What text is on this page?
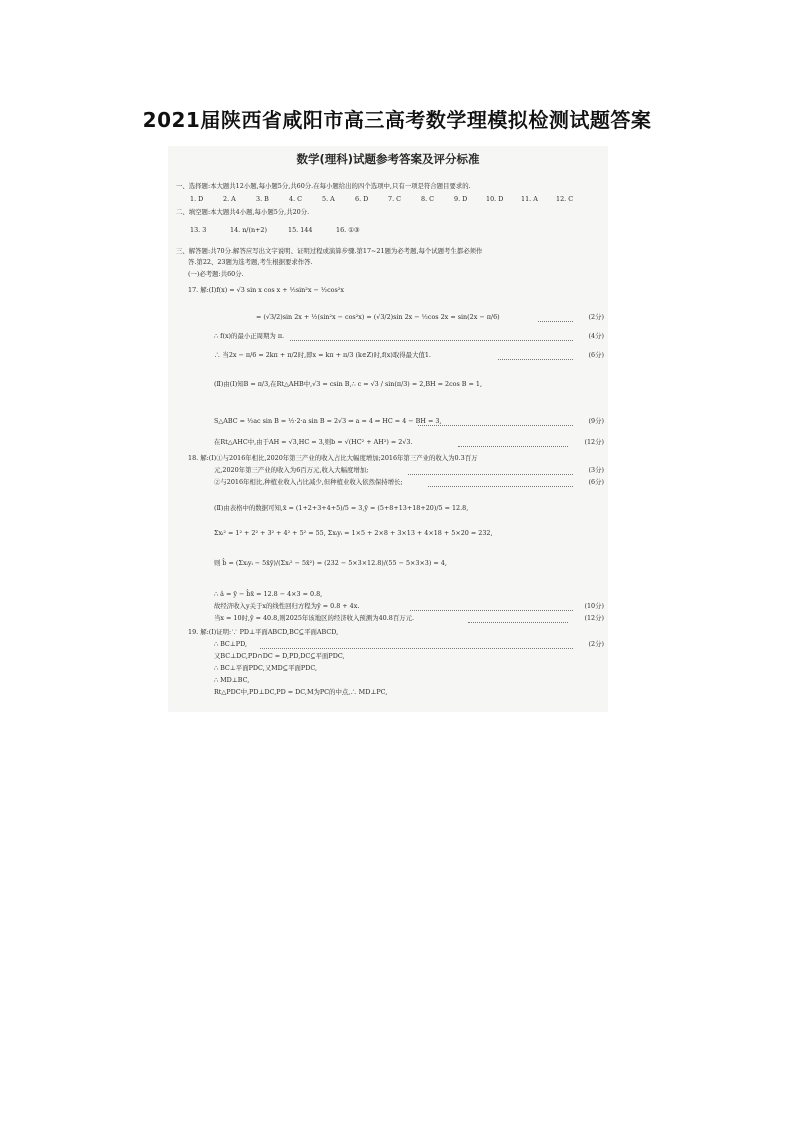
2021届陕西省咸阳市高三高考数学理模拟检测试题答案
数学(理科)试题参考答案及评分标准
一、选择题:本大题共12小题,每小题5分,共60分.在每小题给出的四个选项中,只有一项是符合题目要求的.
1. D	2. A	3. B	4. C	5. A	6. D	7. C	8. C	9. D	10. D	11. A	12. C
二、填空题:本大题共4小题,每小题5分,共20分.
13. 3	14. n/(n+2)	15. 144	16. ①③
三、解答题:共70分.解答应写出文字说明、证明过程或演算步骤.第17~21题为必考题,每个试题考生都必须作
答.第22、23题为选考题,考生根据要求作答.
(一)必考题:共60分.
17. 解:(Ⅰ)f(x) = √3 sin x cos x + ½sin²x − ½cos²x
= (√3/2)sin 2x + ½(sin²x − cos²x) = (√3/2)sin 2x − ½cos 2x = sin(2x − π/6)	(2分)
∴ f(x)的最小正周期为 π.	(4分)
∴ 当2x − π/6 = 2kπ + π/2时,即x = kπ + π/3 (k∈Z)时,f(x)取得最大值1.	(6分)
(Ⅱ)由(Ⅰ)知B = π/3,在Rt△AHB中,√3 = csin B,∴ c = √3 / sin(π/3) = 2,BH = 2cos B = 1,
S△ABC = ½ac sin B = ½·2·a sin B = 2√3 ⇒ a = 4 ⇒ HC = 4 − BH = 3,	(9分)
在Rt△AHC中,由于AH = √3,HC = 3,则b = √(HC² + AH²) = 2√3.	(12分)
18. 解:(Ⅰ)①与2016年相比,2020年第三产业的收入占比大幅度增加;2016年第三产业的收入为0.3百万
元,2020年第三产业的收入为6百万元,收入大幅度增加;	(3分)
②与2016年相比,种植业收入占比减少,但种植业收入依然保持增长;	(6分)
(Ⅱ)由表格中的数据可知,x̄ = (1+2+3+4+5)/5 = 3,ȳ = (5+8+13+18+20)/5 = 12.8,
Σxᵢ² = 1² + 2² + 3² + 4² + 5² = 55, Σxᵢyᵢ = 1×5 + 2×8 + 3×13 + 4×18 + 5×20 = 232,
则 b̂ = (Σxᵢyᵢ − 5x̄ȳ)/(Σxᵢ² − 5x̄²) = (232 − 5×3×12.8)/(55 − 5×3×3) = 4,
∴ â = ȳ − b̂x̄ = 12.8 − 4×3 = 0.8,
故经济收入y关于x的线性回归方程为ŷ = 0.8 + 4x.	(10分)
当x = 10时,ŷ = 40.8,则2025年该地区的经济收入预测为40.8百万元.	(12分)
19. 解:(Ⅰ)证明:∵ PD⊥平面ABCD,BC⊆平面ABCD,
∴ BC⊥PD,	(2分)
又BC⊥DC,PD∩DC = D,PD,DC⊆平面PDC,
∴ BC⊥平面PDC,又MD⊆平面PDC,
∴ MD⊥BC,
Rt△PDC中,PD⊥DC,PD = DC,M为PC的中点,∴ MD⊥PC,
